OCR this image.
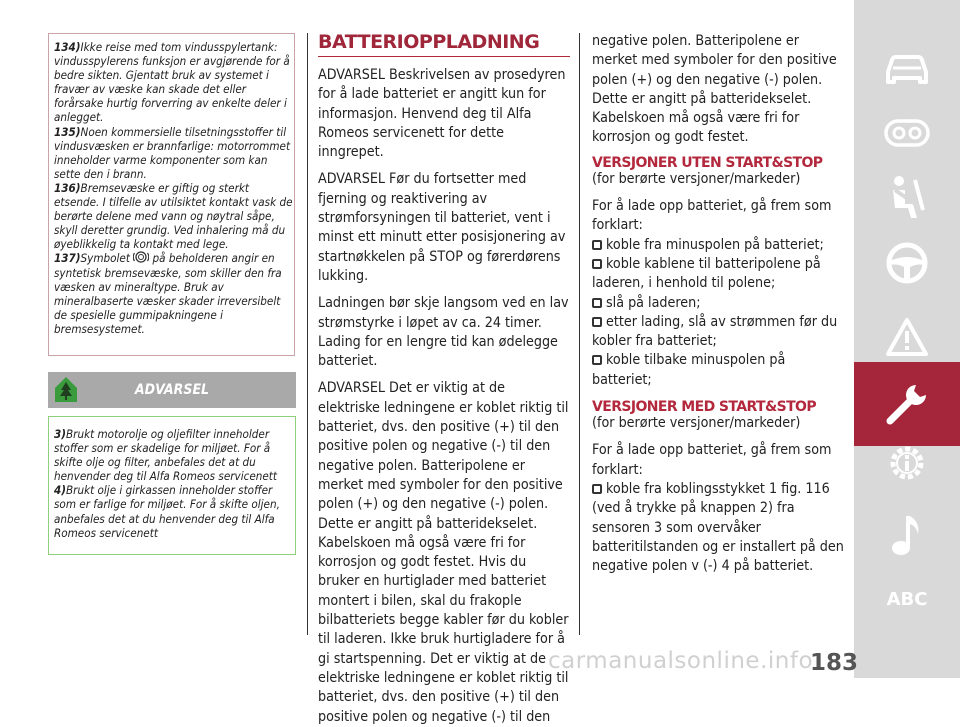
134)Ikke reise med tom vindusspylertank: vindusspylerens funksjon er avgjørende for å bedre sikten. Gjentatt bruk av systemet i fravær av væske kan skade det eller forårsake hurtig forverring av enkelte deler i anlegget.
135)Noen kommersielle tilsetningsstoffer til vindusvæsken er brannfarlige: motorrommet inneholder varme komponenter som kan sette den i brann.
136)Bremsevæske er giftig og sterkt etsende. I tilfelle av utilsiktet kontakt vask de berørte delene med vann og nøytral såpe, skyll deretter grundig. Ved inhalering må du øyeblikkelig ta kontakt med lege.
137)Symbolet på beholderen angir en syntetisk bremsevæske, som skiller den fra væsken av mineraltype. Bruk av mineralbaserte væsker skader irreversibelt de spesielle gummipakningene i bremsesystemet.
ADVARSEL
3)Brukt motorolje og oljefilter inneholder stoffer som er skadelige for miljøet. For å skifte olje og filter, anbefales det at du henvender deg til Alfa Romeos servicenett
4)Brukt olje i girkassen inneholder stoffer som er farlige for miljøet. For å skifte oljen, anbefales det at du henvender deg til Alfa Romeos servicenett
BATTERIOPPLADNING

ADVARSEL Beskrivelsen av prosedyren for å lade batteriet er angitt kun for informasjon. Henvend deg til Alfa Romeos servicenett for dette inngrepet.

ADVARSEL Før du fortsetter med fjerning og reaktivering av strømforsyningen til batteriet, vent i minst ett minutt etter posisjonering av startnøkkelen på STOP og førerdørens lukking.

Ladningen bør skje langsom ved en lav strømstyrke i løpet av ca. 24 timer. Lading for en lengre tid kan ødelegge batteriet.

ADVARSEL Det er viktig at de elektriske ledningene er koblet riktig til batteriet, dvs. den positive (+) til den positive polen og negative (-) til den negative polen. Batteripolene er merket med symboler for den positive polen (+) og den negative (-) polen. Dette er angitt på batteridekselet. Kabelskoen må også være fri for korrosjon og godt festet. Hvis du bruker en hurtiglader med batteriet montert i bilen, skal du frakople bilbatteriets begge kabler før du kobler til laderen. Ikke bruk hurtigladere for å gi startspenning. Det er viktig at de elektriske ledningene er koblet riktig til batteriet, dvs. den positive (+) til den positive polen og negative (-) til den

negative polen. Batteripolene er merket med symboler for den positive polen (+) og den negative (-) polen. Dette er angitt på batteridekselet. Kabelskoen må også være fri for korrosjon og godt festet.

VERSJONER UTEN START&STOP

(for berørte versjoner/markeder)

For å lade opp batteriet, gå frem som forklart:

koble fra minuspolen på batteriet;
koble kablene til batteripolene på laderen, i henhold til polene;
slå på laderen;
etter lading, slå av strømmen før du kobler fra batteriet;
koble tilbake minuspolen på batteriet;
VERSJONER MED START&STOP

(for berørte versjoner/markeder)

For å lade opp batteriet, gå frem som forklart:

koble fra koblingsstykket 1 fig. 116 (ved å trykke på knappen 2) fra sensoren 3 som overvåker batteritilstanden og er installert på den negative polen v (-) 4 på batteriet.
ABC
carmanualsonline.info
183
